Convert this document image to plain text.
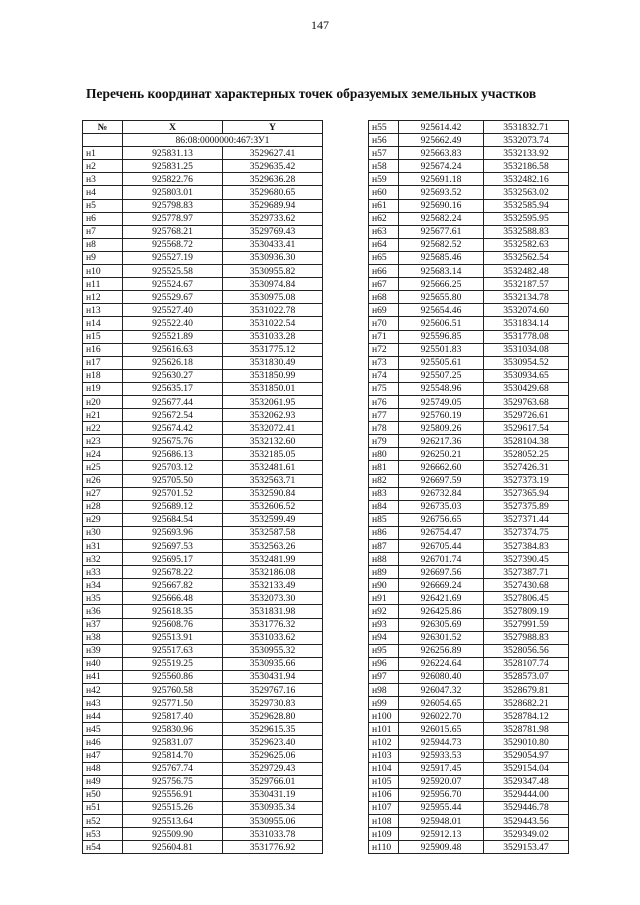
147
Перечень координат характерных точек образуемых земельных участков
№	X	Y
	86:08:0000000:467:ЗУ1	
н1	925831.13	3529627.41
н2	925831.25	3529635.42
н3	925822.76	3529636.28
н4	925803.01	3529680.65
н5	925798.83	3529689.94
н6	925778.97	3529733.62
н7	925768.21	3529769.43
н8	925568.72	3530433.41
н9	925527.19	3530936.30
н10	925525.58	3530955.82
н11	925524.67	3530974.84
н12	925529.67	3530975.08
н13	925527.40	3531022.78
н14	925522.40	3531022.54
н15	925521.89	3531033.28
н16	925616.63	3531775.12
н17	925626.18	3531830.49
н18	925630.27	3531850.99
н19	925635.17	3531850.01
н20	925677.44	3532061.95
н21	925672.54	3532062.93
н22	925674.42	3532072.41
н23	925675.76	3532132.60
н24	925686.13	3532185.05
н25	925703.12	3532481.61
н26	925705.50	3532563.71
н27	925701.52	3532590.84
н28	925689.12	3532606.52
н29	925684.54	3532599.49
н30	925693.96	3532587.58
н31	925697.53	3532563.26
н32	925695.17	3532481.99
н33	925678.22	3532186.08
н34	925667.82	3532133.49
н35	925666.48	3532073.30
н36	925618.35	3531831.98
н37	925608.76	3531776.32
н38	925513.91	3531033.62
н39	925517.63	3530955.32
н40	925519.25	3530935.66
н41	925560.86	3530431.94
н42	925760.58	3529767.16
н43	925771.50	3529730.83
н44	925817.40	3529628.80
н45	925830.96	3529615.35
н46	925831.07	3529623.40
н47	925814.70	3529625.06
н48	925767.74	3529729.43
н49	925756.75	3529766.01
н50	925556.91	3530431.19
н51	925515.26	3530935.34
н52	925513.64	3530955.06
н53	925509.90	3531033.78
н54	925604.81	3531776.92
н55	925614.42	3531832.71
н56	925662.49	3532073.74
н57	925663.83	3532133.92
н58	925674.24	3532186.58
н59	925691.18	3532482.16
н60	925693.52	3532563.02
н61	925690.16	3532585.94
н62	925682.24	3532595.95
н63	925677.61	3532588.83
н64	925682.52	3532582.63
н65	925685.46	3532562.54
н66	925683.14	3532482.48
н67	925666.25	3532187.57
н68	925655.80	3532134.78
н69	925654.46	3532074.60
н70	925606.51	3531834.14
н71	925596.85	3531778.08
н72	925501.83	3531034.08
н73	925505.61	3530954.52
н74	925507.25	3530934.65
н75	925548.96	3530429.68
н76	925749.05	3529763.68
н77	925760.19	3529726.61
н78	925809.26	3529617.54
н79	926217.36	3528104.38
н80	926250.21	3528052.25
н81	926662.60	3527426.31
н82	926697.59	3527373.19
н83	926732.84	3527365.94
н84	926735.03	3527375.89
н85	926756.65	3527371.44
н86	926754.47	3527374.75
н87	926705.44	3527384.83
н88	926701.74	3527390.45
н89	926697.56	3527387.71
н90	926669.24	3527430.68
н91	926421.69	3527806.45
н92	926425.86	3527809.19
н93	926305.69	3527991.59
н94	926301.52	3527988.83
н95	926256.89	3528056.56
н96	926224.64	3528107.74
н97	926080.40	3528573.07
н98	926047.32	3528679.81
н99	926054.65	3528682.21
н100	926022.70	3528784.12
н101	926015.65	3528781.98
н102	925944.73	3529010.80
н103	925933.53	3529054.97
н104	925917.45	3529154.04
н105	925920.07	3529347.48
н106	925956.70	3529444.00
н107	925955.44	3529446.78
н108	925948.01	3529443.56
н109	925912.13	3529349.02
н110	925909.48	3529153.47
